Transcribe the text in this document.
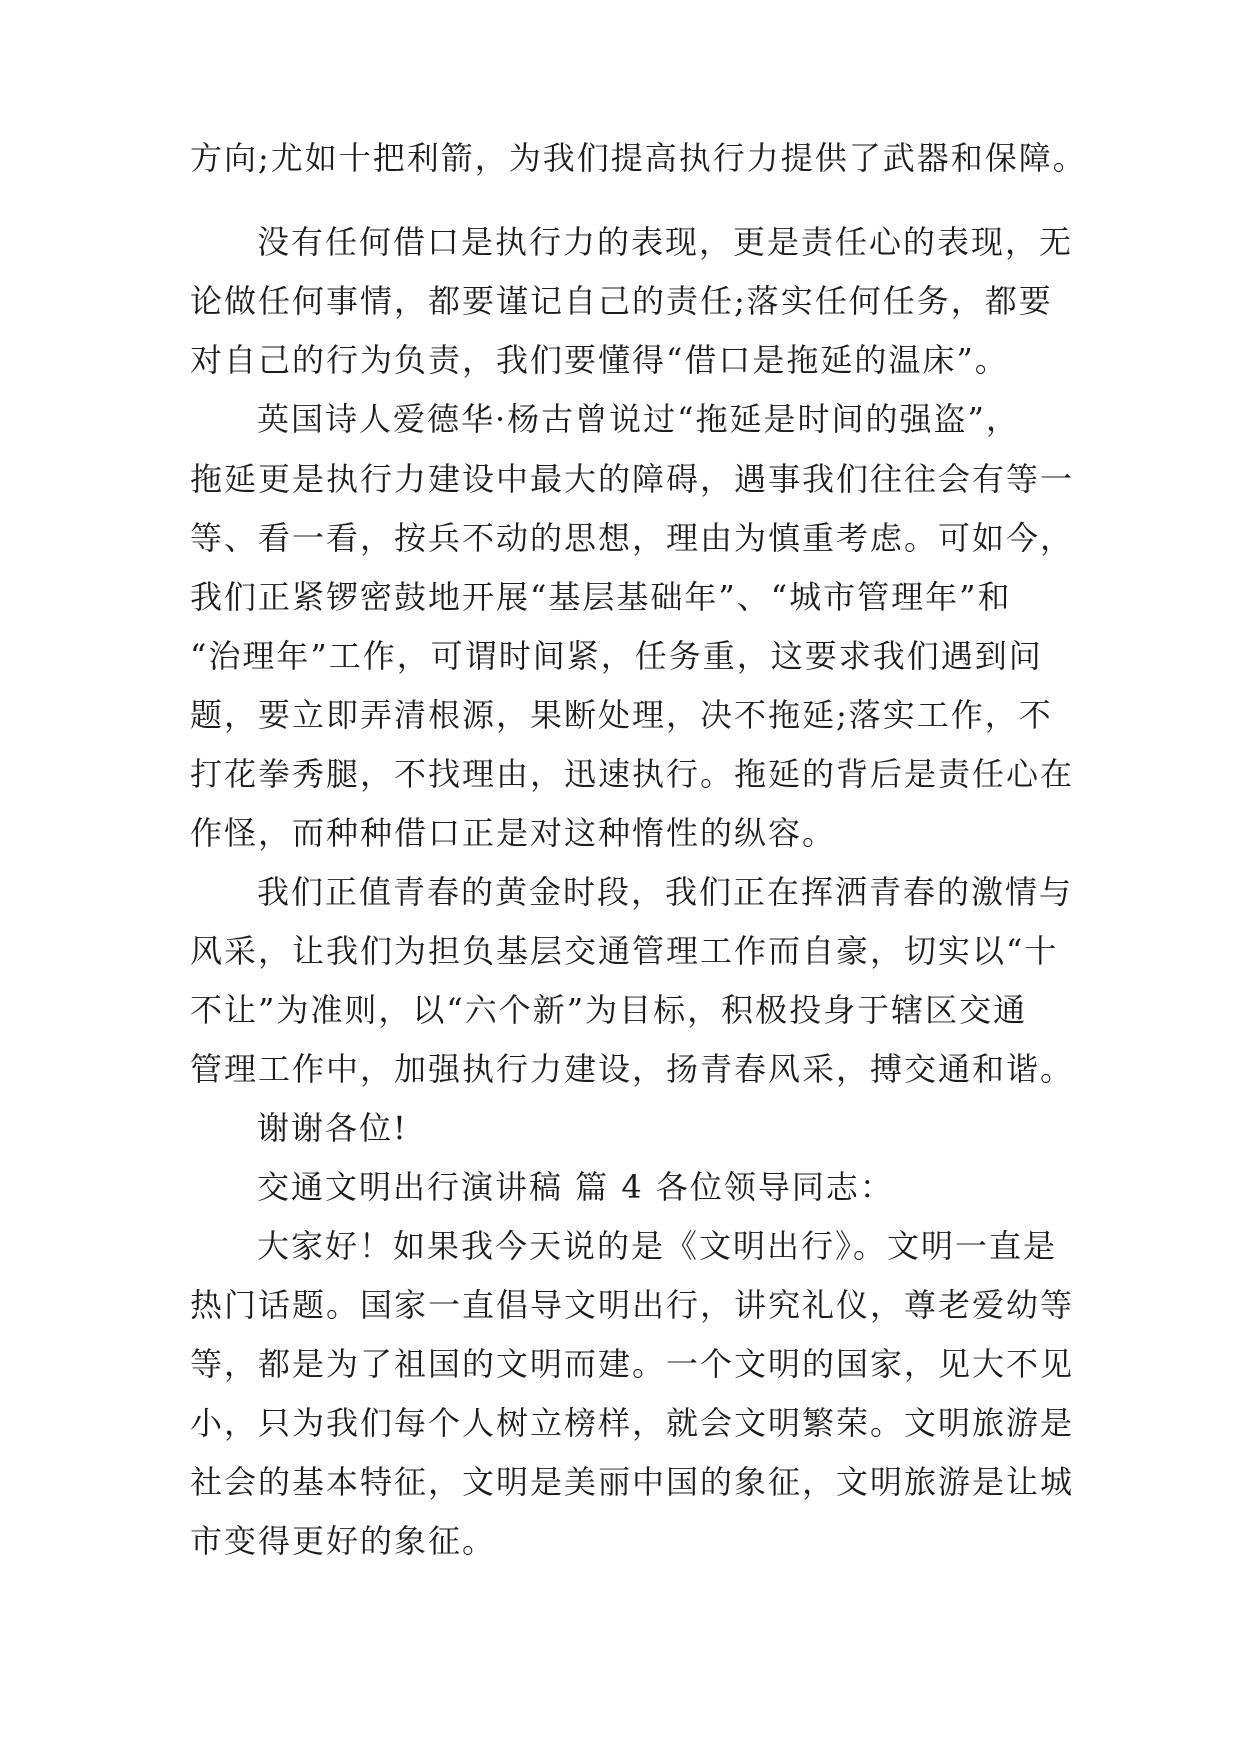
方向;尤如十把利箭，为我们提高执行力提供了武器和保障。

没有任何借口是执行力的表现，更是责任心的表现，无

论做任何事情，都要谨记自己的责任;落实任何任务，都要

对自己的行为负责，我们要懂得“借口是拖延的温床”。

英国诗人爱德华·杨古曾说过“拖延是时间的强盗”，

拖延更是执行力建设中最大的障碍，遇事我们往往会有等一

等、看一看，按兵不动的思想，理由为慎重考虑。可如今，

我们正紧锣密鼓地开展“基层基础年”、“城市管理年”和

“治理年”工作，可谓时间紧，任务重，这要求我们遇到问

题，要立即弄清根源，果断处理，决不拖延;落实工作，不

打花拳秀腿，不找理由，迅速执行。拖延的背后是责任心在

作怪，而种种借口正是对这种惰性的纵容。

我们正值青春的黄金时段，我们正在挥洒青春的激情与

风采，让我们为担负基层交通管理工作而自豪，切实以“十

不让”为准则，以“六个新”为目标，积极投身于辖区交通

管理工作中，加强执行力建设，扬青春风采，搏交通和谐。

谢谢各位!

交通文明出行演讲稿 篇 4 各位领导同志：

大家好！如果我今天说的是《文明出行》。文明一直是

热门话题。国家一直倡导文明出行，讲究礼仪，尊老爱幼等

等，都是为了祖国的文明而建。一个文明的国家，见大不见

小，只为我们每个人树立榜样，就会文明繁荣。文明旅游是

社会的基本特征，文明是美丽中国的象征，文明旅游是让城

市变得更好的象征。
